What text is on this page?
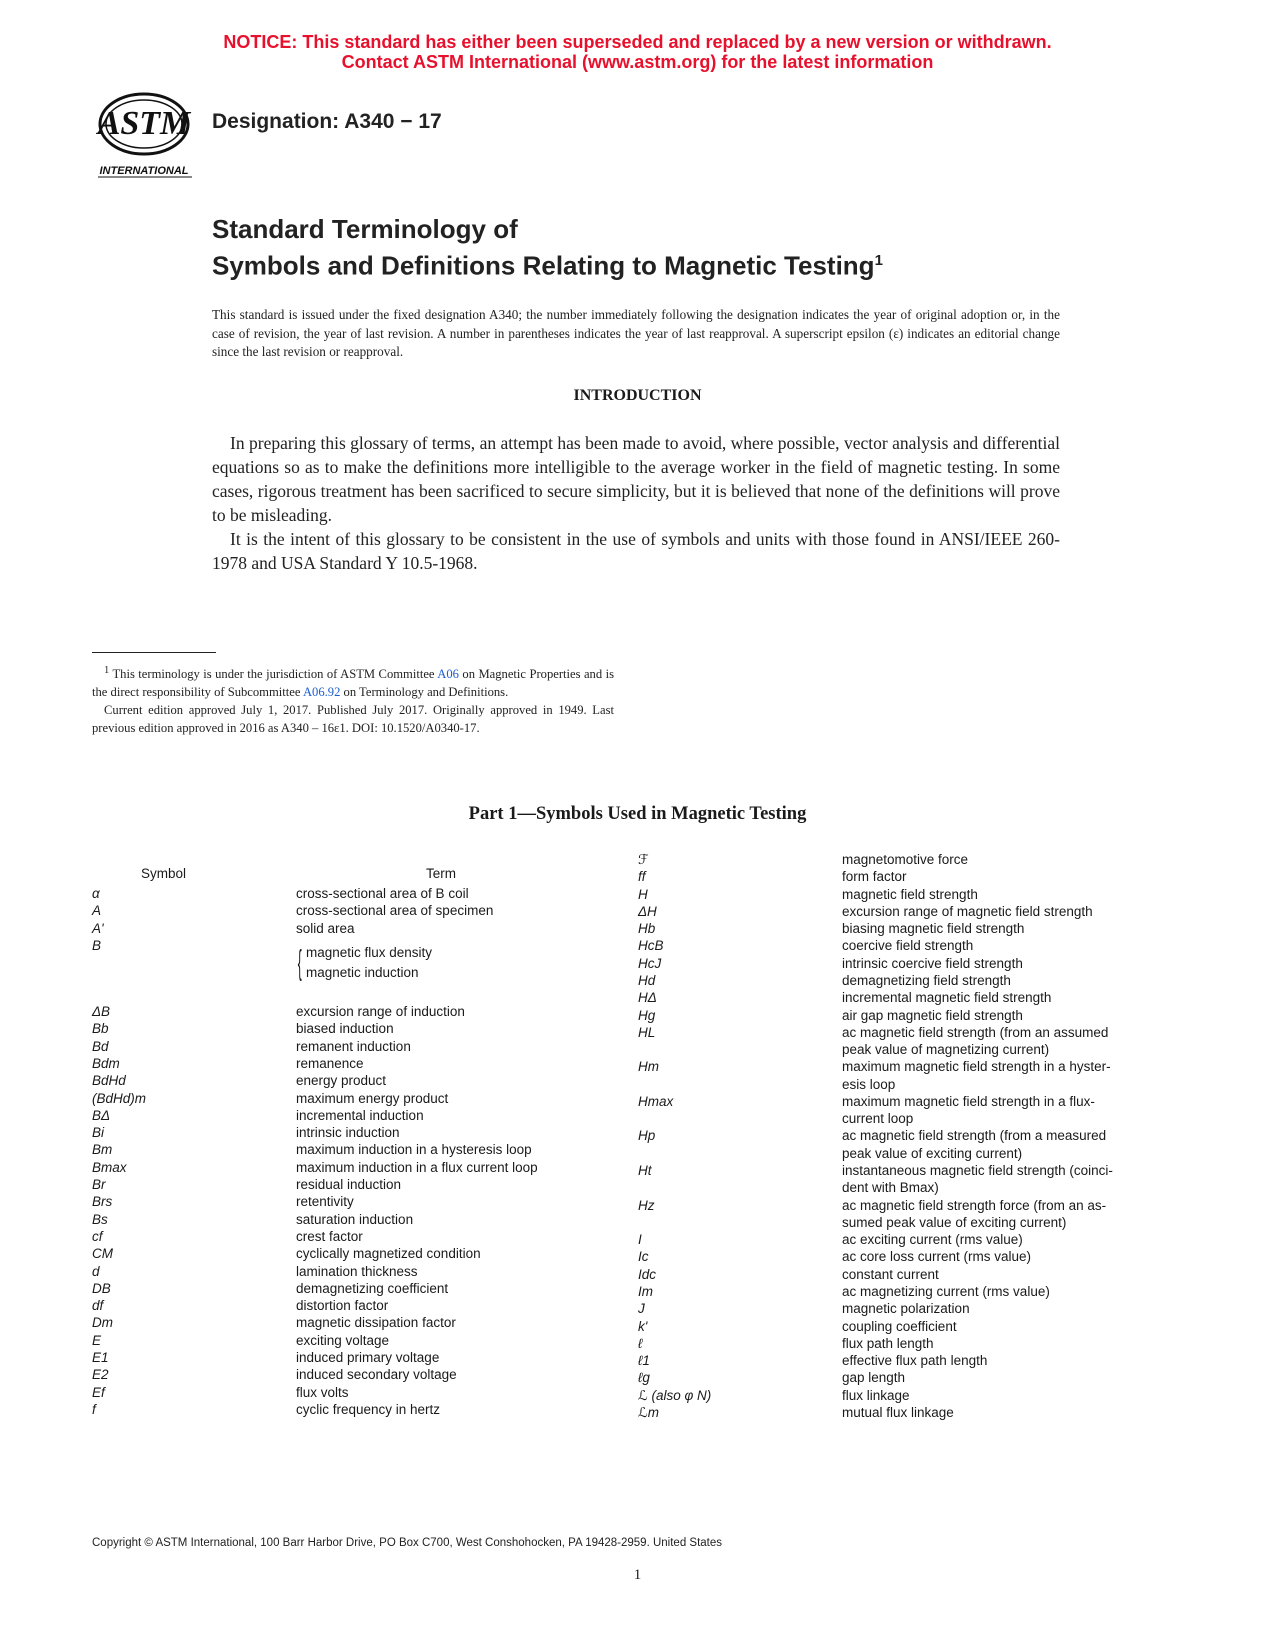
NOTICE: This standard has either been superseded and replaced by a new version or withdrawn.
Contact ASTM International (www.astm.org) for the latest information
ASTM
INTERNATIONAL
Designation: A340 − 17
Standard Terminology of
Symbols and Definitions Relating to Magnetic Testing$^1$
This standard is issued under the fixed designation A340; the number immediately following the designation indicates the year of original adoption or, in the case of revision, the year of last revision. A number in parentheses indicates the year of last reapproval. A superscript epsilon (ε) indicates an editorial change since the last revision or reapproval.
INTRODUCTION

In preparing this glossary of terms, an attempt has been made to avoid, where possible, vector analysis and differential equations so as to make the definitions more intelligible to the average worker in the field of magnetic testing. In some cases, rigorous treatment has been sacrificed to secure simplicity, but it is believed that none of the definitions will prove to be misleading.

It is the intent of this glossary to be consistent in the use of symbols and units with those found in ANSI/IEEE 260-1978 and USA Standard Y 10.5-1968.

$^1$ This terminology is under the jurisdiction of ASTM Committee A06 on Magnetic Properties and is the direct responsibility of Subcommittee A06.92 on Terminology and Definitions.

Current edition approved July 1, 2017. Published July 2017. Originally approved in 1949. Last previous edition approved in 2016 as A340 – 16ε1. DOI: 10.1520/A0340-17.

Part 1—Symbols Used in Magnetic Testing
Symbol	Term
α	cross-sectional area of B coil
A	cross-sectional area of specimen
A'	solid area
B	magnetic flux density
magnetic induction
ΔB	excursion range of induction
Bb	biased induction
Bd	remanent induction
Bdm	remanence
BdHd	energy product
(BdHd)m	maximum energy product
BΔ	incremental induction
Bi	intrinsic induction
Bm	maximum induction in a hysteresis loop
Bmax	maximum induction in a flux current loop
Br	residual induction
Brs	retentivity
Bs	saturation induction
cf	crest factor
CM	cyclically magnetized condition
d	lamination thickness
DB	demagnetizing coefficient
df	distortion factor
Dm	magnetic dissipation factor
E	exciting voltage
E1	induced primary voltage
E2	induced secondary voltage
Ef	flux volts
f	cyclic frequency in hertz
{
ℱ	magnetomotive force
ff	form factor
H	magnetic field strength
ΔH	excursion range of magnetic field strength
Hb	biasing magnetic field strength
HcB	coercive field strength
HcJ	intrinsic coercive field strength
Hd	demagnetizing field strength
HΔ	incremental magnetic field strength
Hg	air gap magnetic field strength
HL	ac magnetic field strength (from an assumed
peak value of magnetizing current)
Hm	maximum magnetic field strength in a hyster-
esis loop
Hmax	maximum magnetic field strength in a flux-
current loop
Hp	ac magnetic field strength (from a measured
peak value of exciting current)
Ht	instantaneous magnetic field strength (coinci-
dent with Bmax)
Hz	ac magnetic field strength force (from an as-
sumed peak value of exciting current)
I	ac exciting current (rms value)
Ic	ac core loss current (rms value)
Idc	constant current
Im	ac magnetizing current (rms value)
J	magnetic polarization
k'	coupling coefficient
ℓ	flux path length
ℓ1	effective flux path length
ℓg	gap length
ℒ (also φ N)	flux linkage
ℒm	mutual flux linkage
Copyright © ASTM International, 100 Barr Harbor Drive, PO Box C700, West Conshohocken, PA 19428-2959. United States
1
